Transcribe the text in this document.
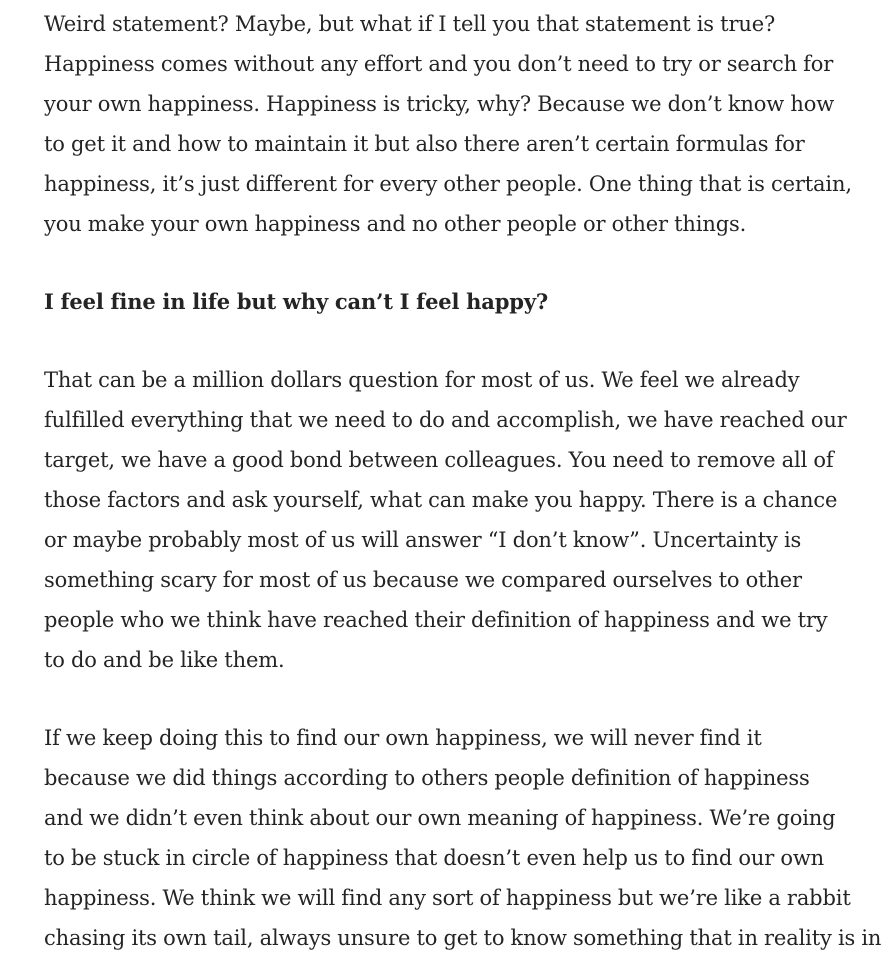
Weird statement? Maybe, but what if I tell you that statement is true?
Happiness comes without any effort and you don’t need to try or search for
your own happiness. Happiness is tricky, why? Because we don’t know how
to get it and how to maintain it but also there aren’t certain formulas for
happiness, it’s just different for every other people. One thing that is certain,
you make your own happiness and no other people or other things.

I feel fine in life but why can’t I feel happy?

That can be a million dollars question for most of us. We feel we already
fulfilled everything that we need to do and accomplish, we have reached our
target, we have a good bond between colleagues. You need to remove all of
those factors and ask yourself, what can make you happy. There is a chance
or maybe probably most of us will answer “I don’t know”. Uncertainty is
something scary for most of us because we compared ourselves to other
people who we think have reached their definition of happiness and we try
to do and be like them.

If we keep doing this to find our own happiness, we will never find it
because we did things according to others people definition of happiness
and we didn’t even think about our own meaning of happiness. We’re going
to be stuck in circle of happiness that doesn’t even help us to find our own
happiness. We think we will find any sort of happiness but we’re like a rabbit
chasing its own tail, always unsure to get to know something that in reality is in
